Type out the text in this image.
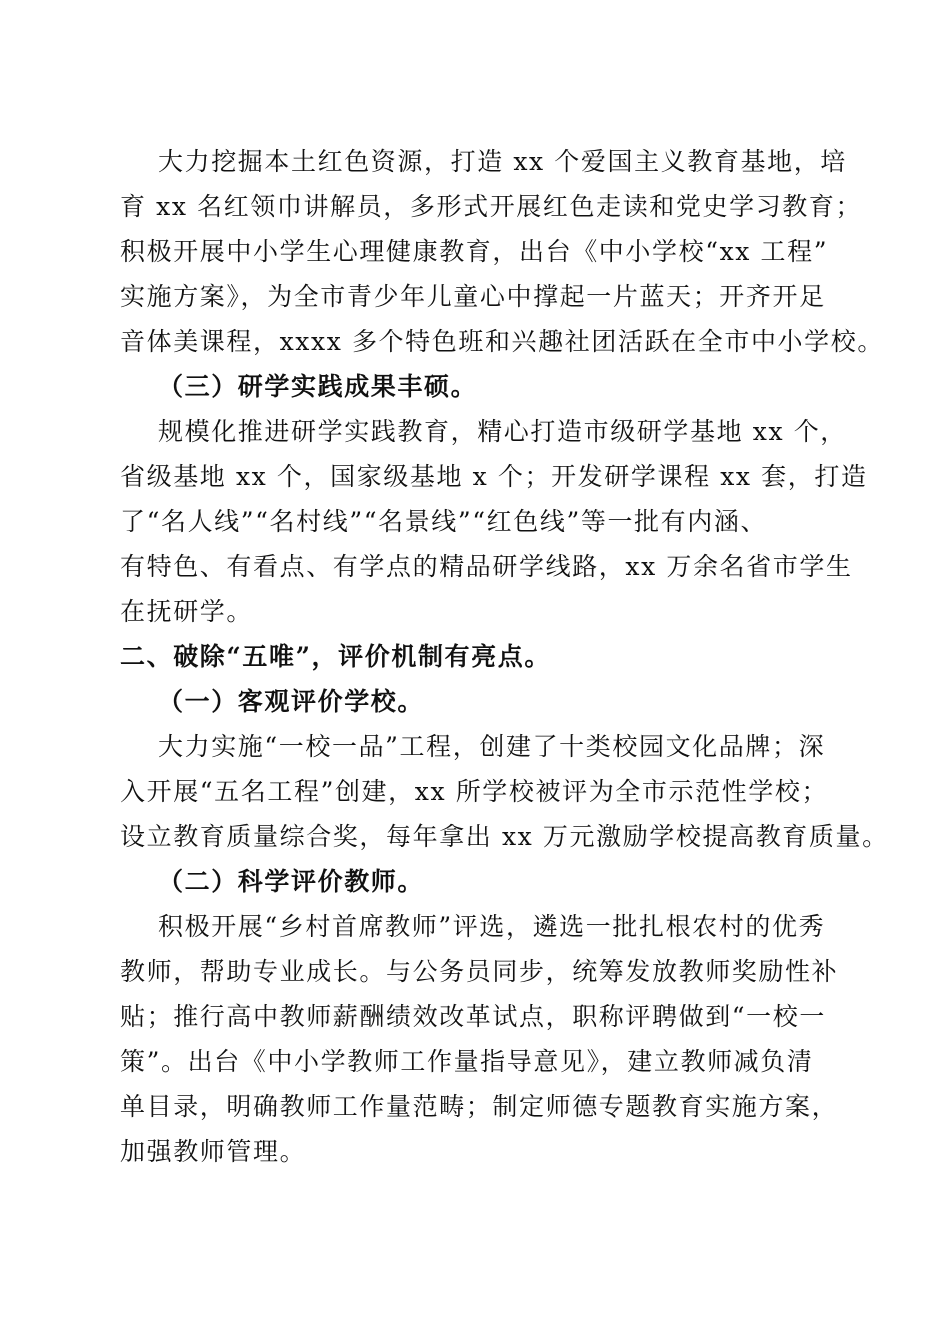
大力挖掘本土红色资源，打造 xx 个爱国主义教育基地，培
育 xx 名红领巾讲解员，多形式开展红色走读和党史学习教育；
积极开展中小学生心理健康教育，出台《中小学校“xx 工程”
实施方案》，为全市青少年儿童心中撑起一片蓝天；开齐开足
音体美课程，xxxx 多个特色班和兴趣社团活跃在全市中小学校。
（三）研学实践成果丰硕。
规模化推进研学实践教育，精心打造市级研学基地 xx 个，
省级基地 xx 个，国家级基地 x 个；开发研学课程 xx 套，打造
了“名人线”“名村线”“名景线”“红色线”等一批有内涵、
有特色、有看点、有学点的精品研学线路，xx 万余名省市学生
在抚研学。
二、破除“五唯”，评价机制有亮点。
（一）客观评价学校。
大力实施“一校一品”工程，创建了十类校园文化品牌；深
入开展“五名工程”创建，xx 所学校被评为全市示范性学校；
设立教育质量综合奖，每年拿出 xx 万元激励学校提高教育质量。
（二）科学评价教师。
积极开展“乡村首席教师”评选，遴选一批扎根农村的优秀
教师，帮助专业成长。与公务员同步，统筹发放教师奖励性补
贴；推行高中教师薪酬绩效改革试点，职称评聘做到“一校一
策”。出台《中小学教师工作量指导意见》，建立教师减负清
单目录，明确教师工作量范畴；制定师德专题教育实施方案，
加强教师管理。
